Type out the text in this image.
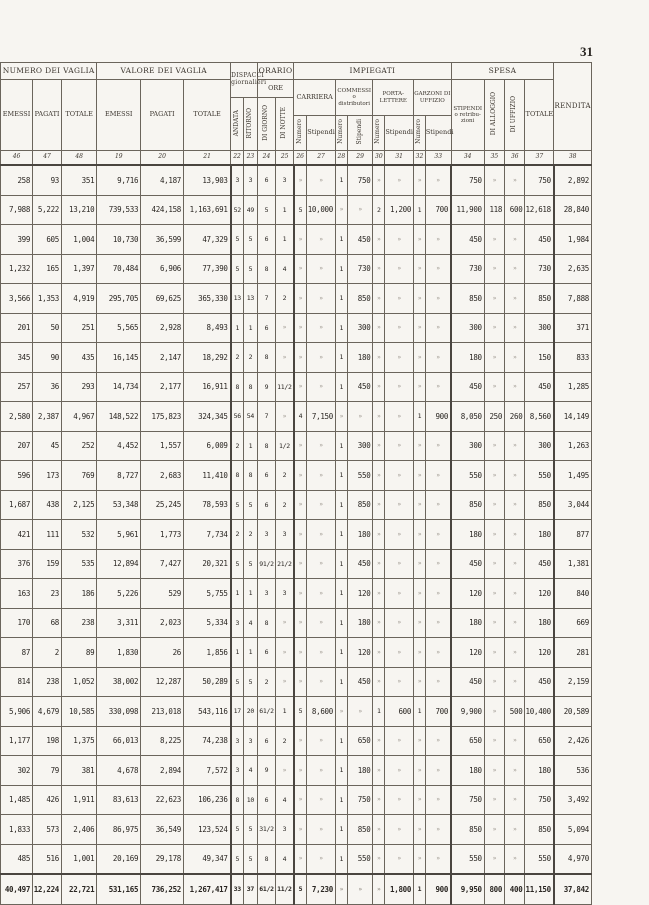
31
NUMERO DEI VAGLIA			VALORE DEI VAGLIA			DISPACCI giornalieri		ORARIO		IMPIEGATI								SPESA				RENDITA
EMESSI	PAGATI	TOTALE	EMESSI	PAGATI	TOTALE			ORE		CARRIERA		COMMESSI o distributori		PORTA-LETTERE		GARZONI DI UFFIZIO		STIPENDI o retribu-zioni	DI ALLOGGIO	DI UFFIZIO	TOTALE	
						ANDATA	RITORNO	DI GIORNO	DI NOTTE													
										Numero	Stipendi	Numero	Stipendi	Numero	Stipendi	Numero	Stipendi					
46	47	48	19	20	21	22	23	24	25	26	27	28	29	30	31	32	33	34	35	36	37	38
258	93	351	9,716	4,187	13,903	3	3	6	3	»	»	1	750	»	»	»	»	750	»	»	750	2,892
7,988	5,222	13,210	739,533	424,158	1,163,691	52	49	5	1	5	10,000	»	»	2	1,200	1	700	11,900	118	600	12,618	28,840
399	605	1,004	10,730	36,599	47,329	5	5	6	1	»	»	1	450	»	»	»	»	450	»	»	450	1,984
1,232	165	1,397	70,484	6,906	77,390	5	5	8	4	»	»	1	730	»	»	»	»	730	»	»	730	2,635
3,566	1,353	4,919	295,705	69,625	365,330	13	13	7	2	»	»	1	850	»	»	»	»	850	»	»	850	7,888
201	50	251	5,565	2,928	8,493	1	1	6	»	»	»	1	300	»	»	»	»	300	»	»	300	371
345	90	435	16,145	2,147	18,292	2	2	8	»	»	»	1	180	»	»	»	»	180	»	»	150	833
257	36	293	14,734	2,177	16,911	8	8	9	11/2	»	»	1	450	»	»	»	»	450	»	»	450	1,285
2,580	2,387	4,967	148,522	175,823	324,345	56	54	7	»	4	7,150	»	»	»	»	1	900	8,050	250	260	8,560	14,149
207	45	252	4,452	1,557	6,009	2	1	8	1/2	»	»	1	300	»	»	»	»	300	»	»	300	1,263
596	173	769	8,727	2,683	11,410	8	8	6	2	»	»	1	550	»	»	»	»	550	»	»	550	1,495
1,687	438	2,125	53,348	25,245	78,593	5	5	6	2	»	»	1	850	»	»	»	»	850	»	»	850	3,044
421	111	532	5,961	1,773	7,734	2	2	3	3	»	»	1	180	»	»	»	»	180	»	»	180	877
376	159	535	12,894	7,427	20,321	5	5	91/2	21/2	»	»	1	450	»	»	»	»	450	»	»	450	1,381
163	23	186	5,226	529	5,755	1	1	3	3	»	»	1	120	»	»	»	»	120	»	»	120	840
170	68	238	3,311	2,023	5,334	3	4	8	»	»	»	1	180	»	»	»	»	180	»	»	180	669
87	2	89	1,830	26	1,856	1	1	6	»	»	»	1	120	»	»	»	»	120	»	»	120	281
814	238	1,052	38,002	12,287	50,289	5	5	2	»	»	»	1	450	»	»	»	»	450	»	»	450	2,159
5,906	4,679	10,585	330,098	213,018	543,116	17	20	61/2	1	5	8,600	»	»	1	600	1	700	9,900	»	500	10,400	20,589
1,177	198	1,375	66,013	8,225	74,238	3	3	6	2	»	»	1	650	»	»	»	»	650	»	»	650	2,426
302	79	381	4,678	2,894	7,572	3	4	9	»	»	»	1	180	»	»	»	»	180	»	»	180	536
1,485	426	1,911	83,613	22,623	106,236	8	10	6	4	»	»	1	750	»	»	»	»	750	»	»	750	3,492
1,833	573	2,406	86,975	36,549	123,524	5	5	31/2	3	»	»	1	850	»	»	»	»	850	»	»	850	5,094
485	516	1,001	20,169	29,178	49,347	5	5	8	4	»	»	1	550	»	»	»	»	550	»	»	550	4,970
40,497	12,224	22,721	531,165	736,252	1,267,417	33	37	61/2	11/2	5	7,230	»	»	»	1,800	1	900	9,950	800	400	11,150	37,842
